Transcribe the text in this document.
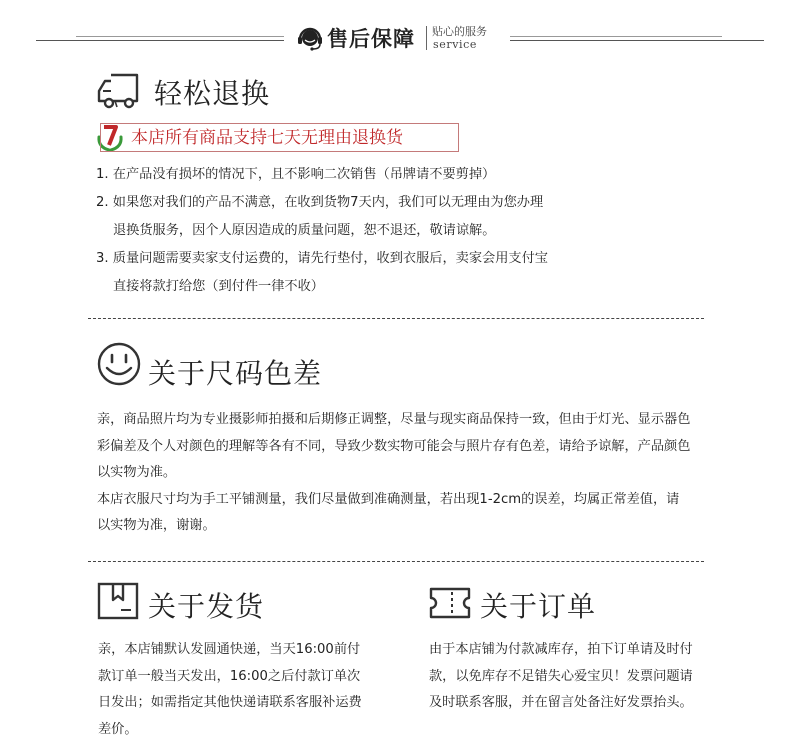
售后保障 贴心的服务
service
轻松退换
本店所有商品支持七天无理由退换货
1. 在产品没有损坏的情况下，且不影响二次销售（吊牌请不要剪掉）
2. 如果您对我们的产品不满意，在收到货物7天内，我们可以无理由为您办理
退换货服务，因个人原因造成的质量问题，恕不退还，敬请谅解。
3. 质量问题需要卖家支付运费的，请先行垫付，收到衣服后，卖家会用支付宝
直接将款打给您（到付件一律不收）
关于尺码色差
亲，商品照片均为专业摄影师拍摄和后期修正调整，尽量与现实商品保持一致，但由于灯光、显示器色
彩偏差及个人对颜色的理解等各有不同，导致少数实物可能会与照片存有色差，请给予谅解，产品颜色
以实物为准。
本店衣服尺寸均为手工平铺测量，我们尽量做到准确测量，若出现1-2cm的误差，均属正常差值，请
以实物为准，谢谢。
关于发货
亲，本店铺默认发圆通快递，当天16:00前付
款订单一般当天发出，16:00之后付款订单次
日发出；如需指定其他快递请联系客服补运费
差价。
关于订单
由于本店铺为付款减库存，拍下订单请及时付
款，以免库存不足错失心爱宝贝！发票问题请
及时联系客服，并在留言处备注好发票抬头。
